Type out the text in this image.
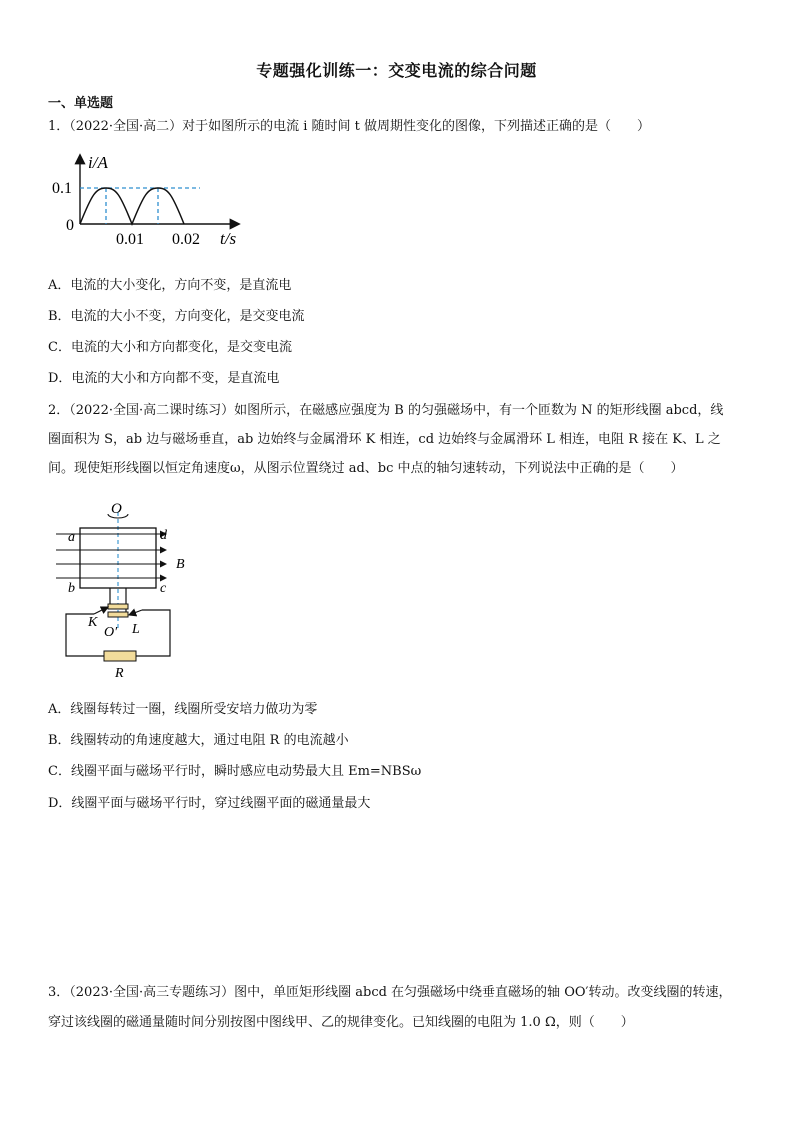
专题强化训练一：交变电流的综合问题
一、单选题
1．（2022·全国·高二）对于如图所示的电流 i 随时间 t 做周期性变化的图像，下列描述正确的是（　　）
i/A
0.1
0
0.01 0.02 t/s
A．电流的大小变化，方向不变，是直流电
B．电流的大小不变，方向变化，是交变电流
C．电流的大小和方向都变化，是交变电流
D．电流的大小和方向都不变，是直流电
2．（2022·全国·高二课时练习）如图所示，在磁感应强度为 B 的匀强磁场中，有一个匝数为 N 的矩形线圈 abcd，线
圈面积为 S，ab 边与磁场垂直，ab 边始终与金属滑环 K 相连，cd 边始终与金属滑环 L 相连，电阻 R 接在 K、L 之
间。现使矩形线圈以恒定角速度ω，从图示位置绕过 ad、bc 中点的轴匀速转动，下列说法中正确的是（　　）
O
a	d
B
b	c
K L
O′
R
A．线圈每转过一圈，线圈所受安培力做功为零
B．线圈转动的角速度越大，通过电阻 R 的电流越小
C．线圈平面与磁场平行时，瞬时感应电动势最大且 Em=NBSω
D．线圈平面与磁场平行时，穿过线圈平面的磁通量最大
3．（2023·全国·高三专题练习）图中，单匝矩形线圈 abcd 在匀强磁场中绕垂直磁场的轴 OO′转动。改变线圈的转速，
穿过该线圈的磁通量随时间分别按图中图线甲、乙的规律变化。已知线圈的电阻为 1.0 Ω，则（　　）
